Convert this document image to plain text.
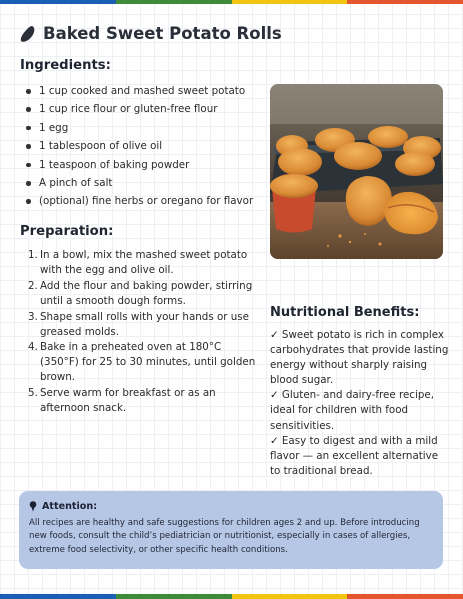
Baked Sweet Potato Rolls
Ingredients:
1 cup cooked and mashed sweet potato
1 cup rice flour or gluten-free flour
1 egg
1 tablespoon of olive oil
1 teaspoon of baking powder
A pinch of salt
(optional) fine herbs or oregano for flavor
Preparation:
1. In a bowl, mix the mashed sweet potato with the egg and olive oil.
2. Add the flour and baking powder, stirring until a smooth dough forms.
3. Shape small rolls with your hands or use greased molds.
4. Bake in a preheated oven at 180°C (350°F) for 25 to 30 minutes, until golden brown.
5. Serve warm for breakfast or as an afternoon snack.
Nutritional Benefits:

✓ Sweet potato is rich in complex carbohydrates that provide lasting energy without sharply raising blood sugar.

✓ Gluten- and dairy-free recipe, ideal for children with food sensitivities.

✓ Easy to digest and with a mild flavor — an excellent alternative to traditional bread.

Attention:
All recipes are healthy and safe suggestions for children ages 2 and up. Before introducing new foods, consult the child’s pediatrician or nutritionist, especially in cases of allergies, extreme food selectivity, or other specific health conditions.
